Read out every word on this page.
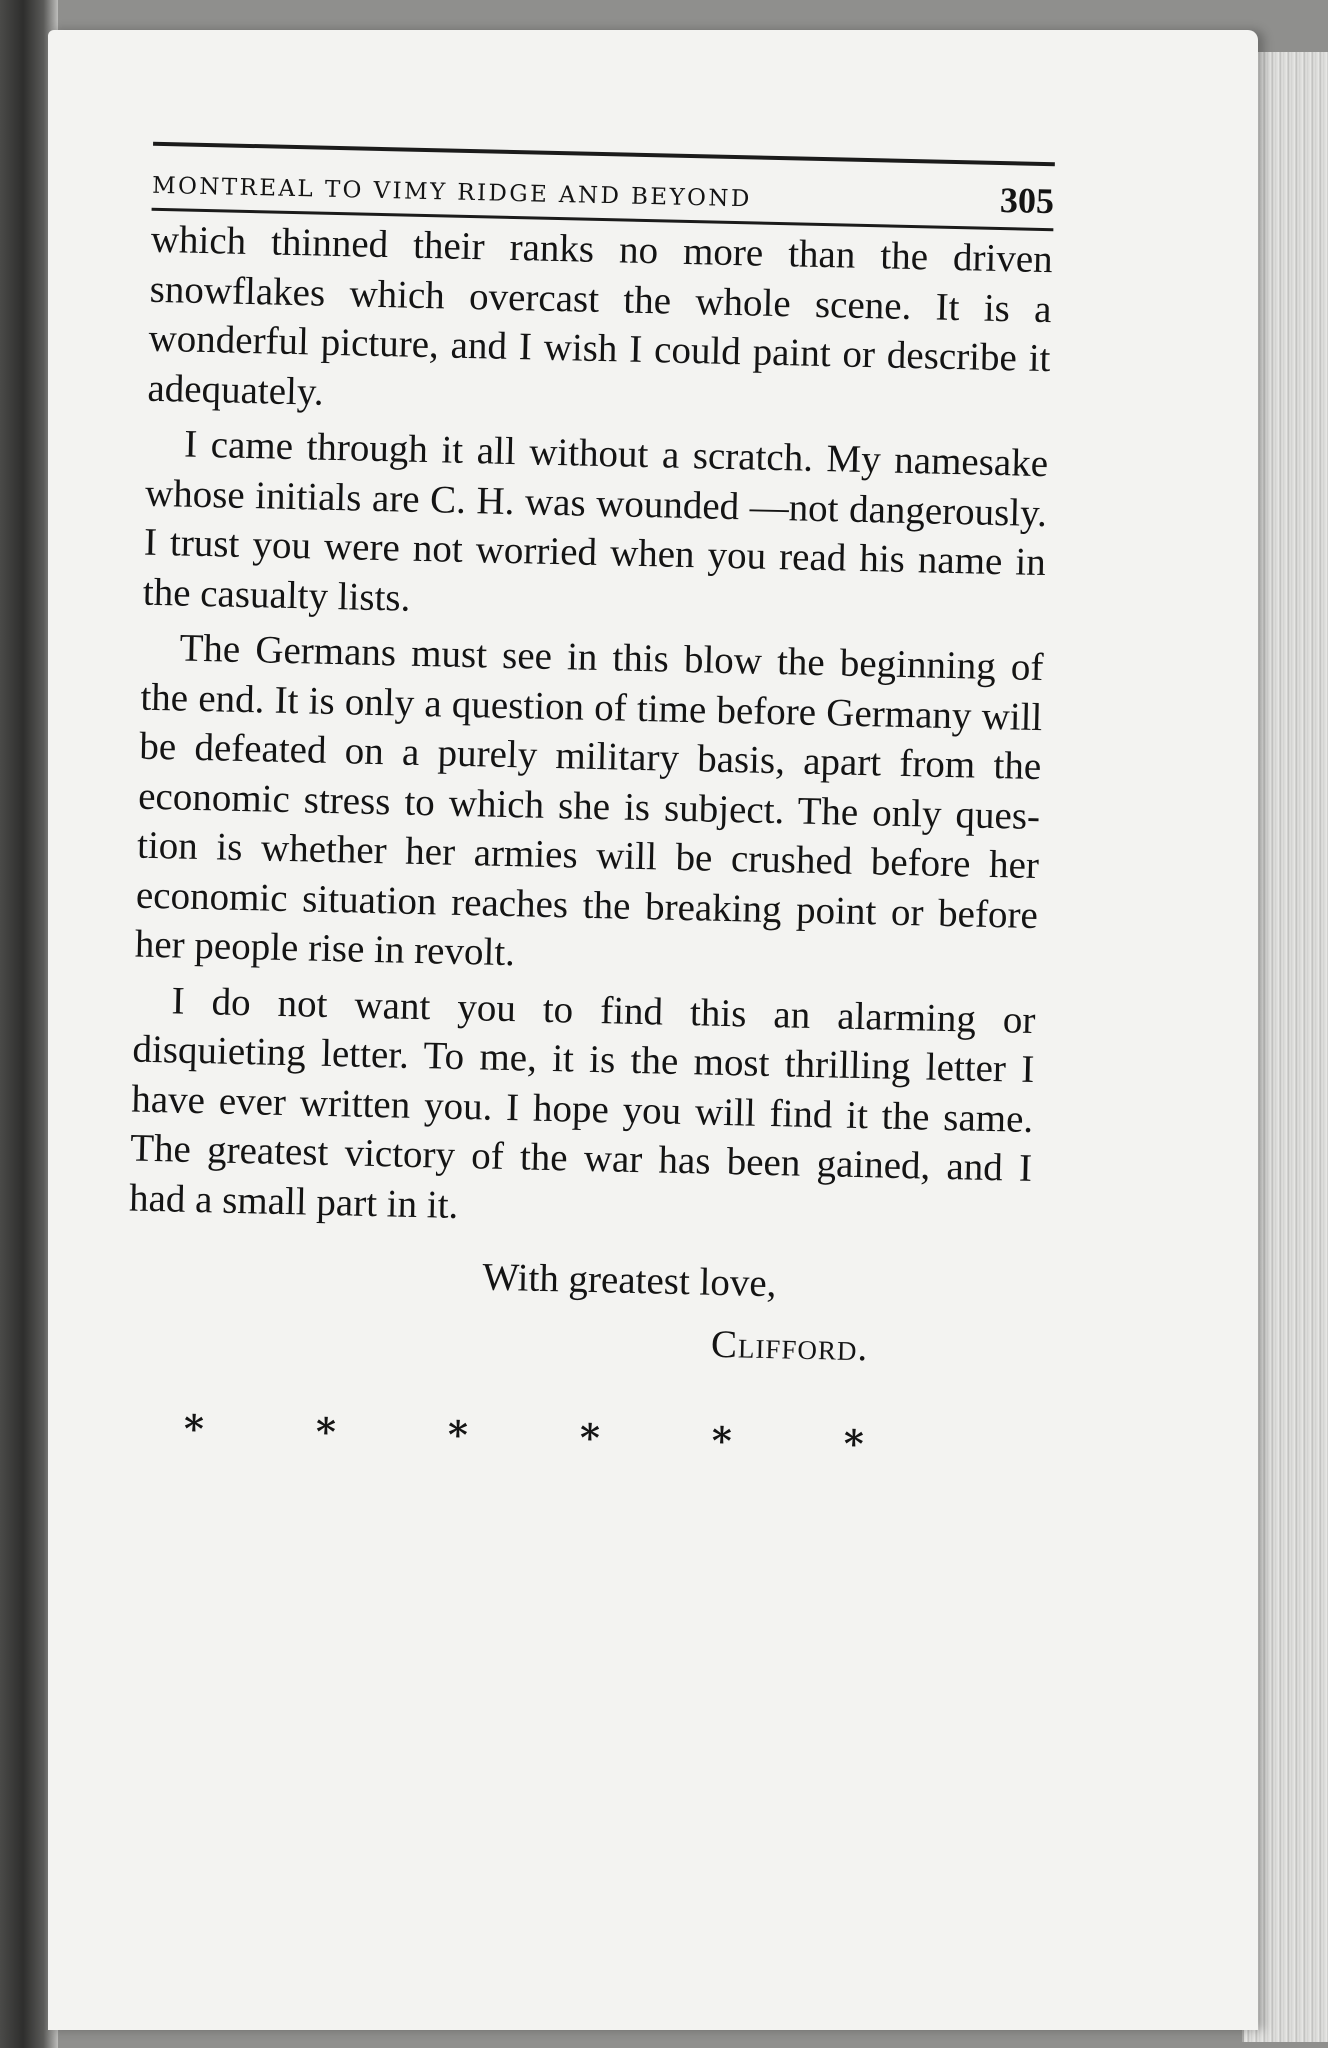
MONTREAL TO VIMY RIDGE AND BEYOND	305

which thinned their ranks no more than the driven snowflakes which overcast the whole scene. It is a wonderful picture, and I wish I could paint or describe it adequately.

I came through it all without a scratch. My namesake whose initials are C. H. was wounded —not dangerously. I trust you were not worried when you read his name in the casualty lists.

The Germans must see in this blow the beginning of the end. It is only a question of time before Germany will be defeated on a purely military basis, apart from the economic stress to which she is subject. The only question is whether her armies will be crushed before her economic situation reaches the breaking point or before her people rise in revolt.

I do not want you to find this an alarming or disquieting letter. To me, it is the most thrilling letter I have ever written you. I hope you will find it the same. The greatest victory of the war has been gained, and I had a small part in it.

With greatest love,
Clifford.
*	*	*	*	*	*
